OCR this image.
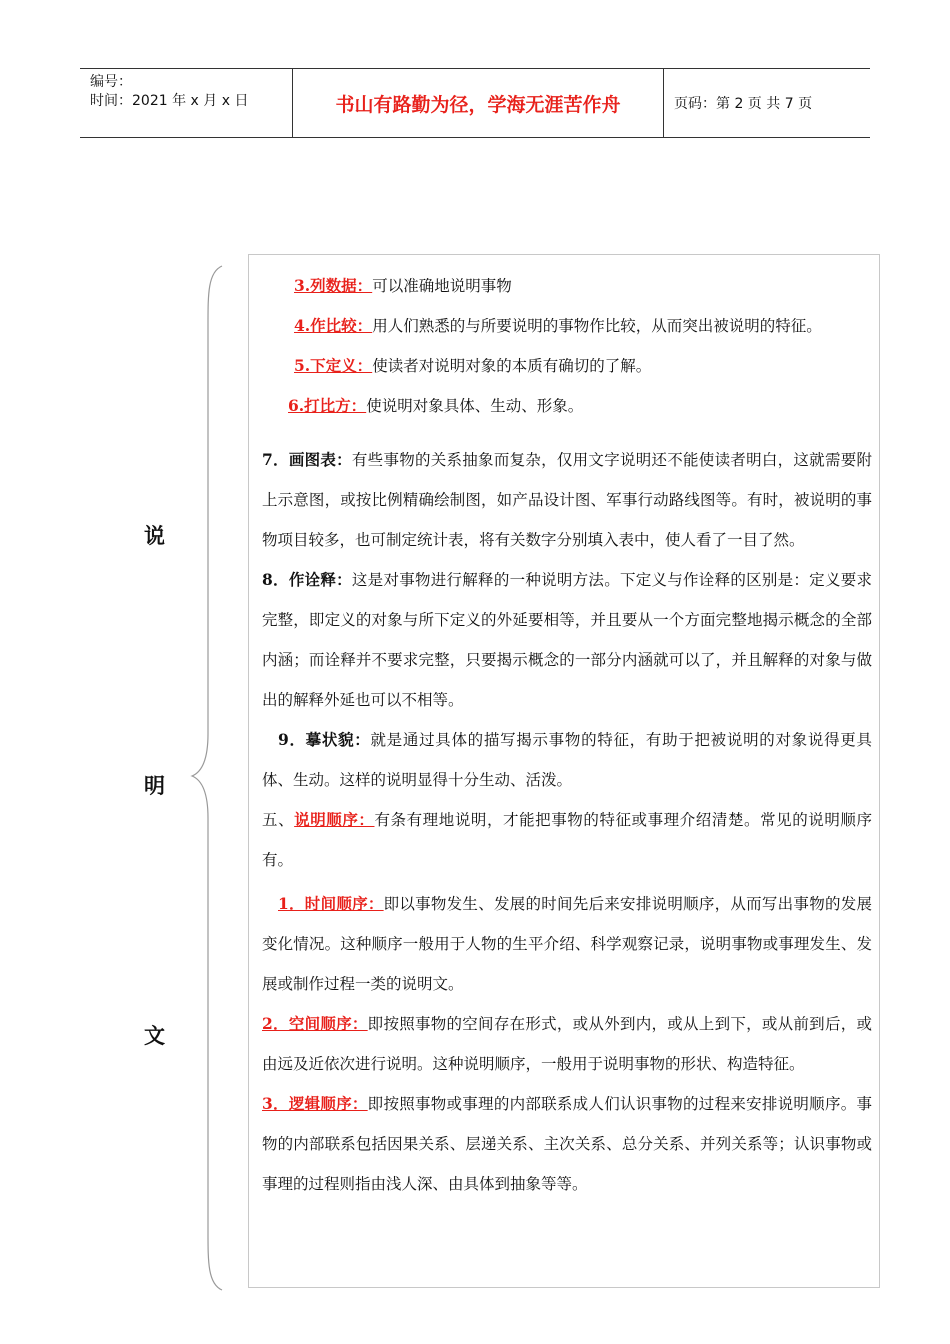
编号：
时间：2021 年 x 月 x 日	书山有路勤为径，学海无涯苦作舟	页码：第 2 页 共 7 页
说
明
文

3.列数据：可以准确地说明事物

4.作比较：用人们熟悉的与所要说明的事物作比较，从而突出被说明的特征。

5.下定义：使读者对说明对象的本质有确切的了解。

6.打比方：使说明对象具体、生动、形象。

7．画图表：有些事物的关系抽象而复杂，仅用文字说明还不能使读者明白，这就需要附上示意图，或按比例精确绘制图，如产品设计图、军事行动路线图等。有时，被说明的事物项目较多，也可制定统计表，将有关数字分别填入表中，使人看了一目了然。

8．作诠释：这是对事物进行解释的一种说明方法。下定义与作诠释的区别是：定义要求完整，即定义的对象与所下定义的外延要相等，并且要从一个方面完整地揭示概念的全部内涵；而诠释并不要求完整，只要揭示概念的一部分内涵就可以了，并且解释的对象与做出的解释外延也可以不相等。

9．摹状貌：就是通过具体的描写揭示事物的特征，有助于把被说明的对象说得更具体、生动。这样的说明显得十分生动、活泼。

五、说明顺序：有条有理地说明，才能把事物的特征或事理介绍清楚。常见的说明顺序有。

1．时间顺序：即以事物发生、发展的时间先后来安排说明顺序，从而写出事物的发展变化情况。这种顺序一般用于人物的生平介绍、科学观察记录，说明事物或事理发生、发展或制作过程一类的说明文。

2．空间顺序：即按照事物的空间存在形式，或从外到内，或从上到下，或从前到后，或由远及近依次进行说明。这种说明顺序，一般用于说明事物的形状、构造特征。

3．逻辑顺序：即按照事物或事理的内部联系成人们认识事物的过程来安排说明顺序。事物的内部联系包括因果关系、层递关系、主次关系、总分关系、并列关系等；认识事物或事理的过程则指由浅人深、由具体到抽象等等。
